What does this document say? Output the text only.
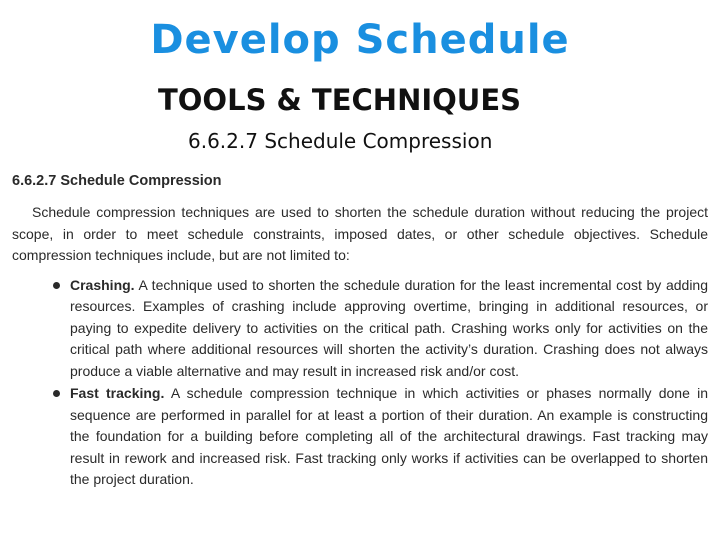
Develop Schedule
TOOLS & TECHNIQUES
6.6.2.7 Schedule Compression
6.6.2.7 Schedule Compression

Schedule compression techniques are used to shorten the schedule duration without reducing the project scope, in order to meet schedule constraints, imposed dates, or other schedule objectives. Schedule compression techniques include, but are not limited to:

Crashing. A technique used to shorten the schedule duration for the least incremental cost by adding resources. Examples of crashing include approving overtime, bringing in additional resources, or paying to expedite delivery to activities on the critical path. Crashing works only for activities on the critical path where additional resources will shorten the activity’s duration. Crashing does not always produce a viable alternative and may result in increased risk and/or cost.
Fast tracking. A schedule compression technique in which activities or phases normally done in sequence are performed in parallel for at least a portion of their duration. An example is constructing the foundation for a building before completing all of the architectural drawings. Fast tracking may result in rework and increased risk. Fast tracking only works if activities can be overlapped to shorten the project duration.
